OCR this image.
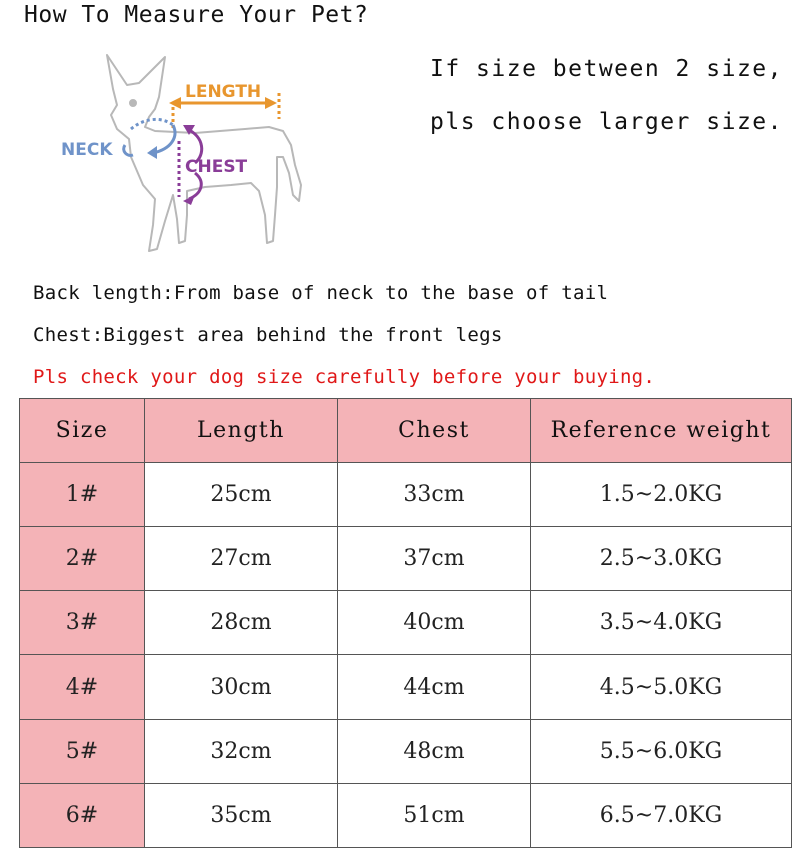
How To Measure Your Pet?
LENGTH
NECK
CHEST
If size between 2 size,
pls choose larger size.
Back length:From base of neck to the base of tail
Chest:Biggest area behind the front legs
Pls check your dog size carefully before your buying.
Size	Length	Chest	Reference weight
1#	25cm	33cm	1.5~2.0KG
2#	27cm	37cm	2.5~3.0KG
3#	28cm	40cm	3.5~4.0KG
4#	30cm	44cm	4.5~5.0KG
5#	32cm	48cm	5.5~6.0KG
6#	35cm	51cm	6.5~7.0KG
